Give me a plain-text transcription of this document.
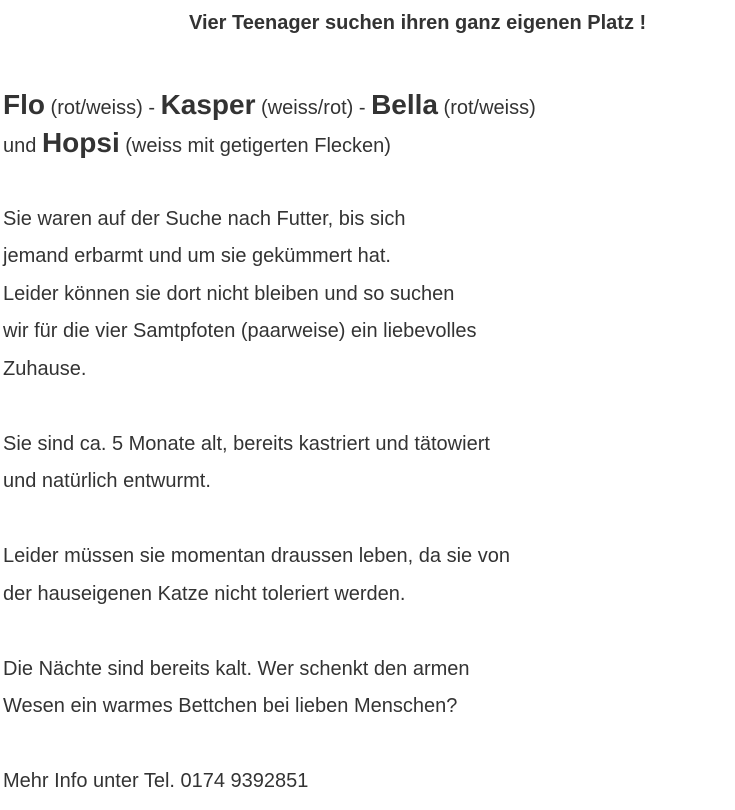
Vier Teenager suchen ihren ganz eigenen Platz !
Flo (rot/weiss) - Kasper (weiss/rot) - Bella (rot/weiss)
und Hopsi (weiss mit getigerten Flecken)
Sie waren auf der Suche nach Futter, bis sich
jemand erbarmt und um sie gekümmert hat.
Leider können sie dort nicht bleiben und so suchen
wir für die vier Samtpfoten (paarweise) ein liebevolles
Zuhause.
Sie sind ca. 5 Monate alt, bereits kastriert und tätowiert
und natürlich entwurmt.
Leider müssen sie momentan draussen leben, da sie von
der hauseigenen Katze nicht toleriert werden.
Die Nächte sind bereits kalt. Wer schenkt den armen
Wesen ein warmes Bettchen bei lieben Menschen?
Mehr Info unter Tel. 0174 9392851
